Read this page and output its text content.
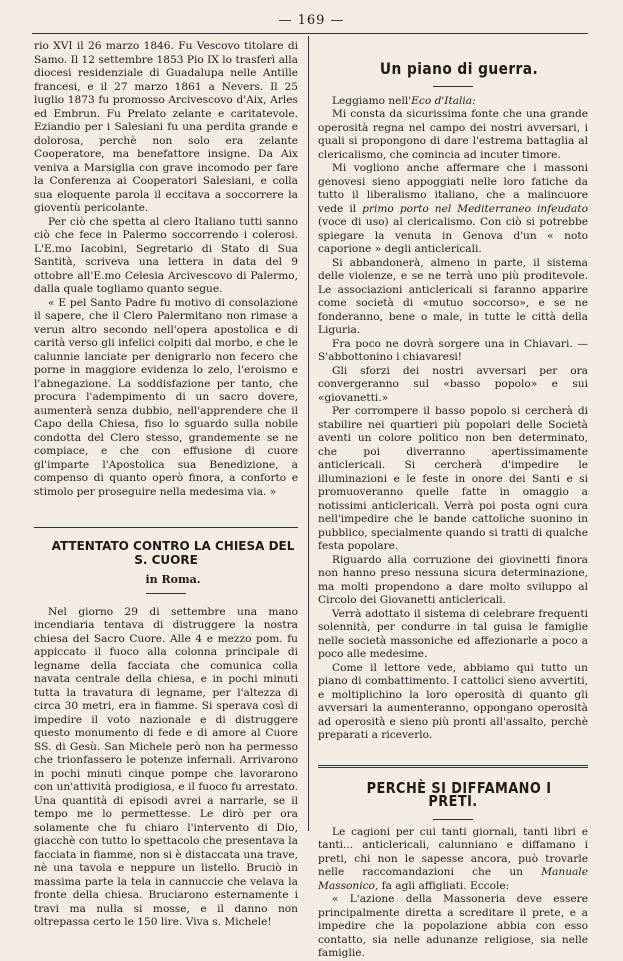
— 169 —

rio XVI il 26 marzo 1846. Fu Vescovo titolare di Samo. Il 12 settembre 1853 Pio IX lo trasferì alla diocesi residenziale di Guadalupa nelle Antille francesi, e il 27 marzo 1861 a Nevers. Il 25 luglio 1873 fu promosso Arcivescovo d'Aix, Arles ed Embrun. Fu Prelato zelante e caritatevole. Eziandio per i Salesiani fu una perdita grande e dolorosa, perchè non solo era zelante Cooperatore, ma benefattore insigne. Da Aix veniva a Marsiglia con grave incomodo per fare la Conferenza ai Cooperatori Salesiani, e colla sua eloquente parola il eccitava a soccorrere la gioventù pericolante.

Per ciò che spetta al clero Italiano tutti sanno ciò che fece in Palermo soccorrendo i colerosi. L'E.mo Iacobini, Segretario di Stato di Sua Santità, scriveva una lettera in data del 9 ottobre all'E.mo Celesia Arcivescovo di Palermo, dalla quale togliamo quanto segue.

« E pel Santo Padre fu motivo di consolazione il sapere, che il Clero Palermitano non rimase a verun altro secondo nell'opera apostolica e di carità verso gli infelici colpiti dal morbo, e che le calunnie lanciate per denigrarlo non fecero che porne in maggiore evidenza lo zelo, l'eroismo e l'abnegazione. La soddisfazione per tanto, che procura l'adempimento di un sacro dovere, aumenterà senza dubbio, nell'apprendere che il Capo della Chiesa, fiso lo sguardo sulla nobile condotta del Clero stesso, grandemente se ne compiace, e che con effusione di cuore gl'imparte l'Apostolica sua Benedizione, a compenso di quanto operò finora, a conforto e stimolo per proseguire nella medesima via. »

ATTENTATO CONTRO LA CHIESA DEL S. CUORE

in Roma.

Nel giorno 29 di settembre una mano incendiaria tentava di distruggere la nostra chiesa del Sacro Cuore. Alle 4 e mezzo pom. fu appiccato il fuoco alla colonna principale di legname della facciata che comunica colla navata centrale della chiesa, e in pochi minuti tutta la travatura di legname, per l'altezza di circa 30 metri, era in fiamme. Si sperava così di impedire il voto nazionale e di distruggere questo monumento di fede e di amore al Cuore SS. di Gesù. San Michele però non ha permesso che trionfassero le potenze infernali. Arrivarono in pochi minuti cinque pompe che lavorarono con un'attività prodigiosa, e il fuoco fu arrestato. Una quantità di episodi avrei a narrarle, se il tempo me lo permettesse. Le dirò per ora solamente che fu chiaro l'intervento di Dio, giacchè con tutto lo spettacolo che presentava la facciata in fiamme, non si è distaccata una trave, nè una tavola e neppure un listello. Bruciò in massima parte la tela in cannuccie che velava la fronte della chiesa. Bruciarono esternamente i travi ma nulla si mosse, e il danno non oltrepassa certo le 150 lire. Viva s. Michele!

Un piano di guerra.

Leggiamo nell'Eco d'Italia:

Mi consta da sicurissima fonte che una grande operosità regna nel campo dei nostri avversari, i quali si propongono di dare l'estrema battaglia al clericalismo, che comincia ad incuter timore.

Mi vogliono anche affermare che i massoni genovesi sieno appoggiati nelle loro fatiche da tutto il liberalismo italiano, che a malincuore vede il primo porto nel Mediterraneo infeudato (voce di uso) al clericalismo. Con ciò si potrebbe spiegare la venuta in Genova d'un « noto caporione » degli anticlericali.

Si abbandonerà, almeno in parte, il sistema delle violenze, e se ne terrà uno più proditevole. Le associazioni anticlericali si faranno apparire come società di «mutuo soccorso», e se ne fonderanno, bene o male, in tutte le città della Liguria.

Fra poco ne dovrà sorgere una in Chiavari. — S'abbottonino i chiavaresi!

Gli sforzi dei nostri avversari per ora convergeranno sul «basso popolo» e sui «giovanetti.»

Per corrompere il basso popolo si cercherà di stabilire nei quartieri più popolari delle Società aventi un colore politico non ben determinato, che poi diverranno apertissimamente anticlericali. Si cercherà d'impedire le illuminazioni e le feste in onore dei Santi e si promuoveranno quelle fatte in omaggio a notissimi anticlericali. Verrà poi posta ogni cura nell'impedire che le bande cattoliche suonino in pubblico, specialmente quando si tratti di qualche festa popolare.

Riguardo alla corruzione dei giovinetti finora non hanno preso nessuna sicura determinazione, ma molti propendono a dare molto sviluppo al Circolo dei Giovanetti anticlericali.

Verrà adottato il sistema di celebrare frequenti solennità, per condurre in tal guisa le famiglie nelle società massoniche ed affezionarle a poco a poco alle medesime.

Come il lettore vede, abbiamo qui tutto un piano di combattimento. I cattolici sieno avvertiti, e moltiplichino la loro operosità di quanto gli avversari la aumenteranno, oppongano operosità ad operosità e sieno più pronti all'assalto, perchè preparati a riceverlo.

PERCHÈ SI DIFFAMANO I PRETI.

Le cagioni per cui tanti giornali, tanti libri e tanti... anticlericali, calunniano e diffamano i preti, chi non le sapesse ancora, può trovarle nelle raccomandazioni che un Manuale Massonico, fa agli affigliati. Eccole:

« L'azione della Massoneria deve essere principalmente diretta a screditare il prete, e a impedire che la popolazione abbia con esso contatto, sia nelle adunanze religiose, sia nelle famiglie.
